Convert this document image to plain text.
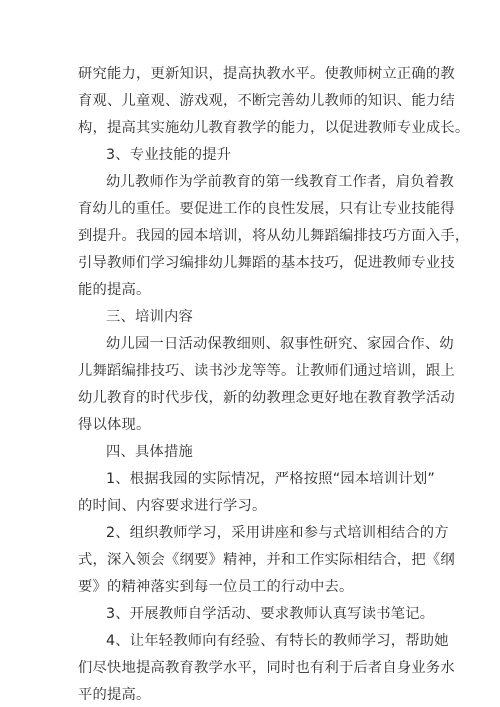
研究能力，更新知识，提高执教水平。使教师树立正确的教
育观、儿童观、游戏观，不断完善幼儿教师的知识、能力结
构，提高其实施幼儿教育教学的能力，以促进教师专业成长。
3、专业技能的提升
幼儿教师作为学前教育的第一线教育工作者，肩负着教
育幼儿的重任。要促进工作的良性发展，只有让专业技能得
到提升。我园的园本培训，将从幼儿舞蹈编排技巧方面入手，
引导教师们学习编排幼儿舞蹈的基本技巧，促进教师专业技
能的提高。
三、培训内容
幼儿园一日活动保教细则、叙事性研究、家园合作、幼
儿舞蹈编排技巧、读书沙龙等等。让教师们通过培训，跟上
幼儿教育的时代步伐，新的幼教理念更好地在教育教学活动
得以体现。
四、具体措施
1、根据我园的实际情况，严格按照“园本培训计划”
的时间、内容要求进行学习。
2、组织教师学习，采用讲座和参与式培训相结合的方
式，深入领会《纲要》精神，并和工作实际相结合，把《纲
要》的精神落实到每一位员工的行动中去。
3、开展教师自学活动、要求教师认真写读书笔记。
4、让年轻教师向有经验、有特长的教师学习，帮助她
们尽快地提高教育教学水平，同时也有利于后者自身业务水
平的提高。
